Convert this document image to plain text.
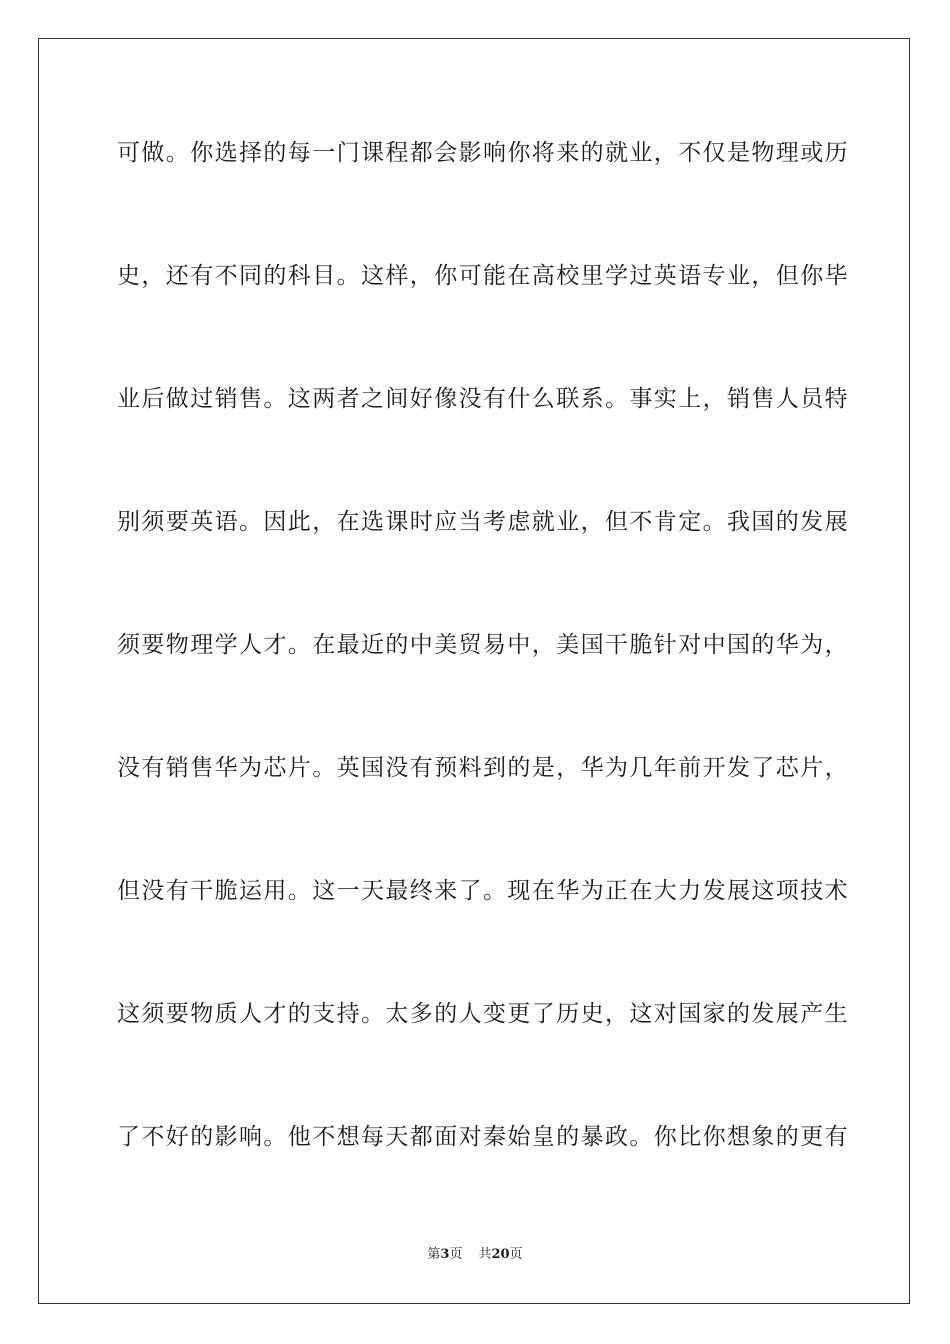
可做。你选择的每一门课程都会影响你将来的就业，不仅是物理或历

史，还有不同的科目。这样，你可能在高校里学过英语专业，但你毕

业后做过销售。这两者之间好像没有什么联系。事实上，销售人员特

别须要英语。因此，在选课时应当考虑就业，但不肯定。我国的发展

须要物理学人才。在最近的中美贸易中，美国干脆针对中国的华为，

没有销售华为芯片。英国没有预料到的是，华为几年前开发了芯片，

但没有干脆运用。这一天最终来了。现在华为正在大力发展这项技术

这须要物质人才的支持。太多的人变更了历史，这对国家的发展产生

了不好的影响。他不想每天都面对秦始皇的暴政。你比你想象的更有

第3页 共20页
